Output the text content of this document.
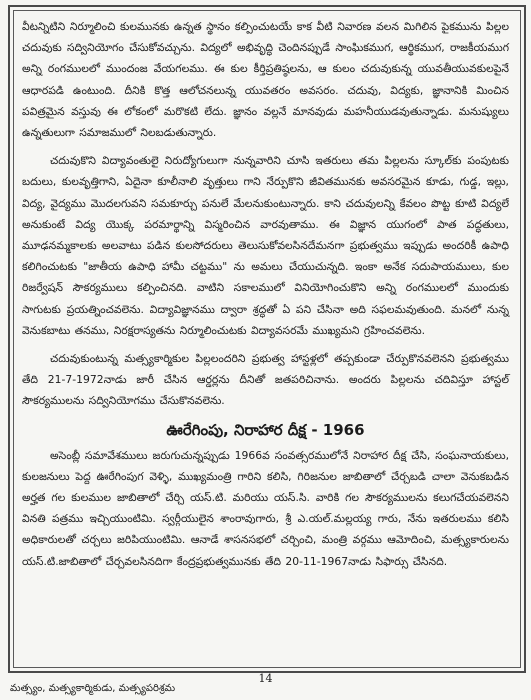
వీటన్నిటిని నిర్మూలించి కులమునకు ఉన్నత స్థానం కల్పించుటయే కాక వీటి నివారణ వలన మిగిలిన పైకమును పిల్లల చదువుకు సద్వినియోగం చేసుకోవచ్చును. విద్యలో అభివృద్ధి చెందినప్పుడే సాంఘికముగ, ఆర్థికముగ, రాజకీయముగ అన్ని రంగములలో ముందంజ వేయగలము. ఈ కుల కీర్తిప్రతిష్ఠలను, ఆ కులం చదువుకున్న యువతీయువకులపైనే ఆధారపడి ఉంటుంది. దీనికి కొత్త ఆలోచనలున్న యువతరం అవసరం. చదువు, విద్యకు, జ్ఞానానికి మించిన పవిత్రమైన వస్తువు ఈ లోకంలో మరొకటి లేదు. జ్ఞానం వల్లనే మానవుడు మహనీయుడవుతున్నాడు. మనుష్యులు ఉన్నతులుగా సమాజములో నిలబడుతున్నారు.

చదువుకొని విద్యావంతులై నిరుద్యోగులుగా నున్నవారిని చూసి ఇతరులు తమ పిల్లలను స్కూల్‌కు పంపుటకు బదులు, కులవృత్తిగాని, ఏదైనా కూలీనాలి వృత్తులు గాని నేర్పుకొని జీవితమునకు అవసరమైన కూడు, గుడ్డ, ఇల్లు, విద్య, వైద్యము మొదలగువని సమకూర్చు పనులే మేలనుకుంటున్నారు. కాని చదువులన్ని కేవలం పొట్ట కూటి విద్యలే అనుకుంటే విద్య యొక్క పరమార్థాన్ని విస్మరించిన వారవుతాము. ఈ విజ్ఞాన యుగంలో పాత పద్ధతులు, మూఢనమ్మకాలకు అలవాటు పడిన కులసోదరులు తెలుసుకోవలసినదేమనగా ప్రభుత్వము ఇప్పుడు అందరికీ ఉపాధి కలిగించుటకు "జాతీయ ఉపాధి హామీ చట్టము" ను అమలు చేయుచున్నది. ఇంకా అనేక సదుపాయములు, కుల రిజర్వేషన్ సౌకర్యములు కల్పించినది. వాటిని సకాలములో వినియోగించుకొని అన్ని రంగములలో ముందుకు సాగుటకు ప్రయత్నించవలెను. విద్యావిజ్ఞానము ద్వారా శ్రద్ధతో ఏ పని చేసినా అది సఫలమవుతుంది. మనలో నున్న వెనుకబాటు తనము, నిరక్షరాస్యతను నిర్మూలించుటకు విద్యావసరమే ముఖ్యమని గ్రహించవలెను.

చదువుకుంటున్న మత్స్యకార్మికుల పిల్లలందరిని ప్రభుత్వ హాస్టళ్లలో తప్పకుండా చేర్పుకొనవలెనని ప్రభుత్వము తేది 21-7-1972నాడు జారీ చేసిన ఆర్డర్లను దీనితో జతపరిచినాను. అందరు పిల్లలను చదివిస్తూ హాస్టల్ సౌకర్యములను సద్వినియోగము చేసుకొనవలెను.

ఊరేగింపు, నిరాహార దీక్ష - 1966

అసెంబ్లీ సమావేశములు జరుగుచున్నప్పుడు 1966వ సంవత్సరములోనే నిరాహార దీక్ష చేసి, సంఘనాయకులు, కులజనులు పెద్ద ఊరేగింపుగ వెళ్ళి, ముఖ్యమంత్రి గారిని కలిసి, గిరిజనుల జాబితాలో చేర్చబడి చాలా వెనుకబడిన అర్హత గల కులముల జాబితాలో చేర్చి యస్.టి. మరియు యస్.సి. వారికి గల సౌకర్యములను కలుగచేయవలెనని వినతి పత్రము ఇచ్చియుంటిమి. స్వర్గీయులైన శాంరావుగారు, శ్రీ ఎ.యల్.మల్లయ్య గారు, నేను ఇతరులము కలిసి అధికారులతో చర్చలు జరిపియుంటిమి. ఆనాడే శాసనసభలో చర్చించి, మంత్రి వర్గము ఆమోదించి, మత్స్యకారులను యస్.టి.జాబితాలో చేర్చవలసినదిగా కేంద్రప్రభుత్వమునకు తేది 20-11-1967నాడు సిఫార్సు చేసినది.

14
మత్స్యం, మత్స్యకార్మికుడు, మత్స్యపరిశ్రమ
